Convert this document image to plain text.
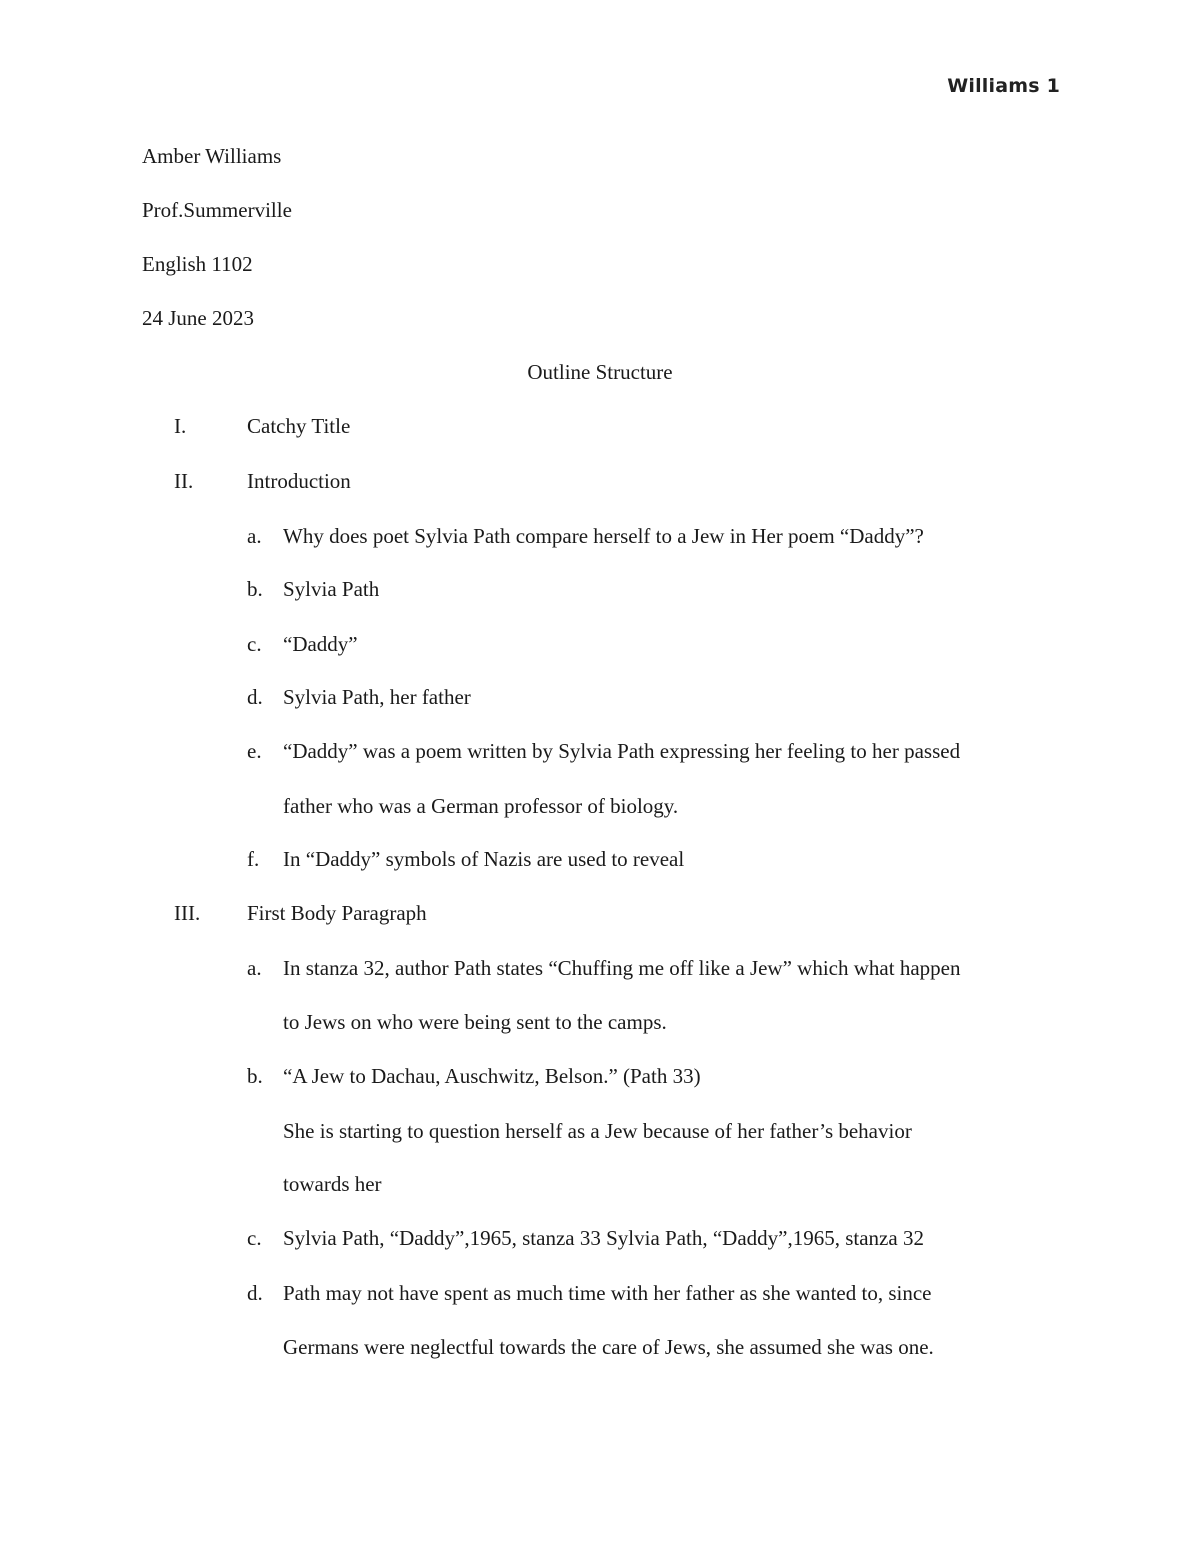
Williams 1
Amber Williams
Prof.Summerville
English 1102
24 June 2023
Outline Structure
I.	Catchy Title
II.	Introduction
a. Why does poet Sylvia Path compare herself to a Jew in Her poem “Daddy”?
b. Sylvia Path
c. “Daddy”
d. Sylvia Path, her father
e. “Daddy” was a poem written by Sylvia Path expressing her feeling to her passed
father who was a German professor of biology.
f. In “Daddy” symbols of Nazis are used to reveal
III. First Body Paragraph
a. In stanza 32, author Path states “Chuffing me off like a Jew” which what happen
to Jews on who were being sent to the camps.
b. “A Jew to Dachau, Auschwitz, Belson.” (Path 33)
She is starting to question herself as a Jew because of her father’s behavior
towards her
c. Sylvia Path, “Daddy”,1965, stanza 33 Sylvia Path, “Daddy”,1965, stanza 32
d. Path may not have spent as much time with her father as she wanted to, since
Germans were neglectful towards the care of Jews, she assumed she was one.
